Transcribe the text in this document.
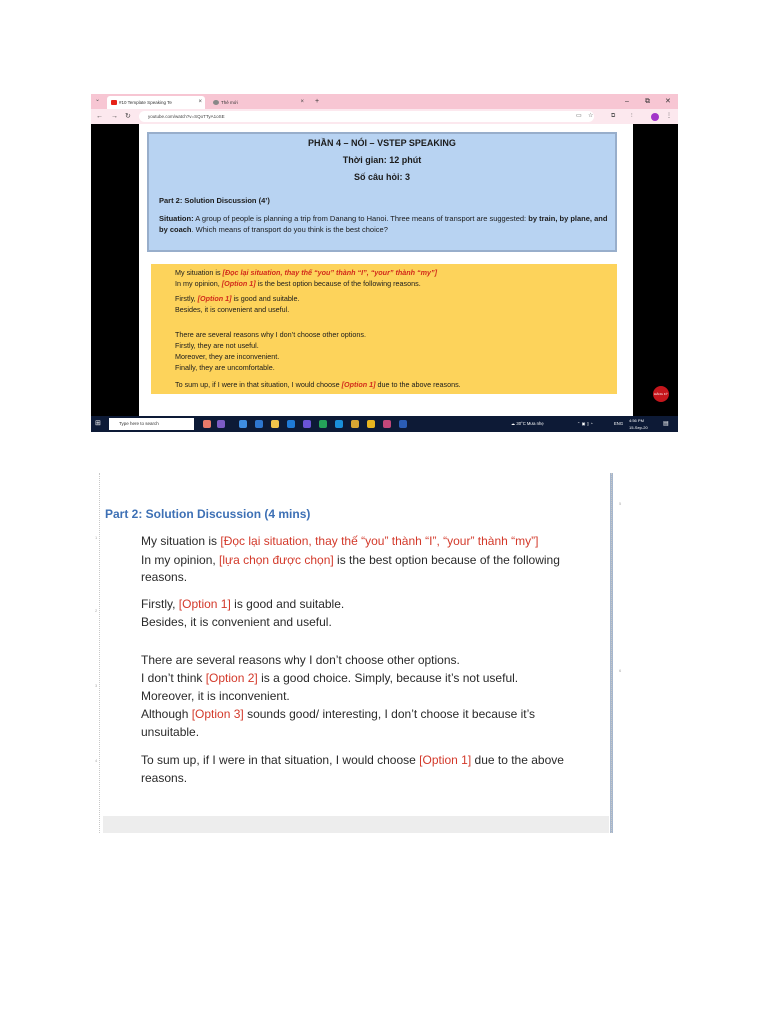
⌄	#10 Template Speaking Te	×	Thẻ mới	× +	– ⧉ ✕
← → ↻	youtube.com/watch?v=SQoTTyA1oSE	▭ ☆	⧉	⫶	⋮
PHẦN 4 – NÓI – VSTEP SPEAKING
Thời gian: 12 phút
Số câu hỏi: 3
Part 2: Solution Discussion (4’)
Situation: A group of people is planning a trip from Danang to Hanoi. Three means of transport are suggested: by train, by plane, and by coach. Which means of transport do you think is the best choice?
My situation is [Đọc lại situation, thay thế “you” thành “I”, “your” thành “my”]
In my opinion, [Option 1] is the best option because of the following reasons.
Firstly, [Option 1] is good and suitable.
Besides, it is convenient and useful.
There are several reasons why I don’t choose other options.
Firstly, they are not useful.
Moreover, they are inconvenient.
Finally, they are uncomfortable.
To sum up, if I were in that situation, I would choose [Option 1] due to the above reasons.
ĐĂNG KÝ
⊞	Type here to search	☁ 30°C Mưa nhẹ	⌃ ▣ ▯ ◔	ENG
4:56 PM
15-Sep-20
▤
1
2
3
4
5
6
Part 2: Solution Discussion (4 mins)
My situation is [Đọc lại situation, thay thế “you” thành “I”, “your” thành “my”]
In my opinion, [lựa chọn được chọn] is the best option because of the following
reasons.
Firstly, [Option 1] is good and suitable.
Besides, it is convenient and useful.
There are several reasons why I don’t choose other options.
I don’t think [Option 2] is a good choice. Simply, because it’s not useful.
Moreover, it is inconvenient.
Although [Option 3] sounds good/ interesting, I don’t choose it because it’s
unsuitable.
To sum up, if I were in that situation, I would choose [Option 1] due to the above
reasons.
